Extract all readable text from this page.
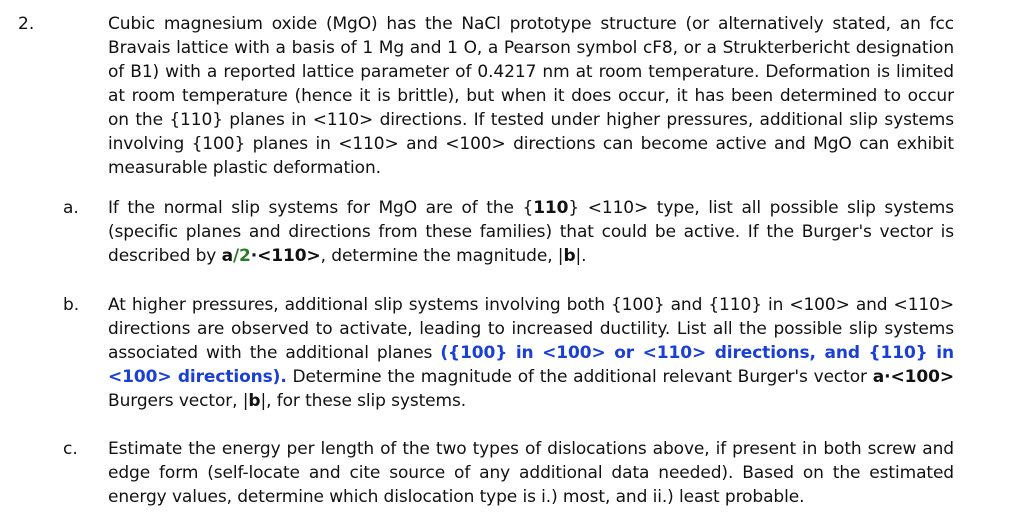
2.	Cubic magnesium oxide (MgO) has the NaCl prototype structure (or alternatively stated, an fcc Bravais lattice with a basis of 1 Mg and 1 O, a Pearson symbol cF8, or a Strukterbericht designation of B1) with a reported lattice parameter of 0.4217 nm at room temperature. Deformation is limited at room temperature (hence it is brittle), but when it does occur, it has been determined to occur on the {110} planes in <110> directions. If tested under higher pressures, additional slip systems involving {100} planes in <110> and <100> directions can become active and MgO can exhibit measurable plastic deformation.
a. If the normal slip systems for MgO are of the {110} <110> type, list all possible slip systems (specific planes and directions from these families) that could be active. If the Burger's vector is described by a/2·<110>, determine the magnitude, |b|.
b. At higher pressures, additional slip systems involving both {100} and {110} in <100> and <110> directions are observed to activate, leading to increased ductility. List all the possible slip systems associated with the additional planes ({100} in <100> or <110> directions, and {110} in <100> directions). Determine the magnitude of the additional relevant Burger's vector a·<100> Burgers vector, |b|, for these slip systems.
c. Estimate the energy per length of the two types of dislocations above, if present in both screw and edge form (self-locate and cite source of any additional data needed). Based on the estimated energy values, determine which dislocation type is i.) most, and ii.) least probable.
